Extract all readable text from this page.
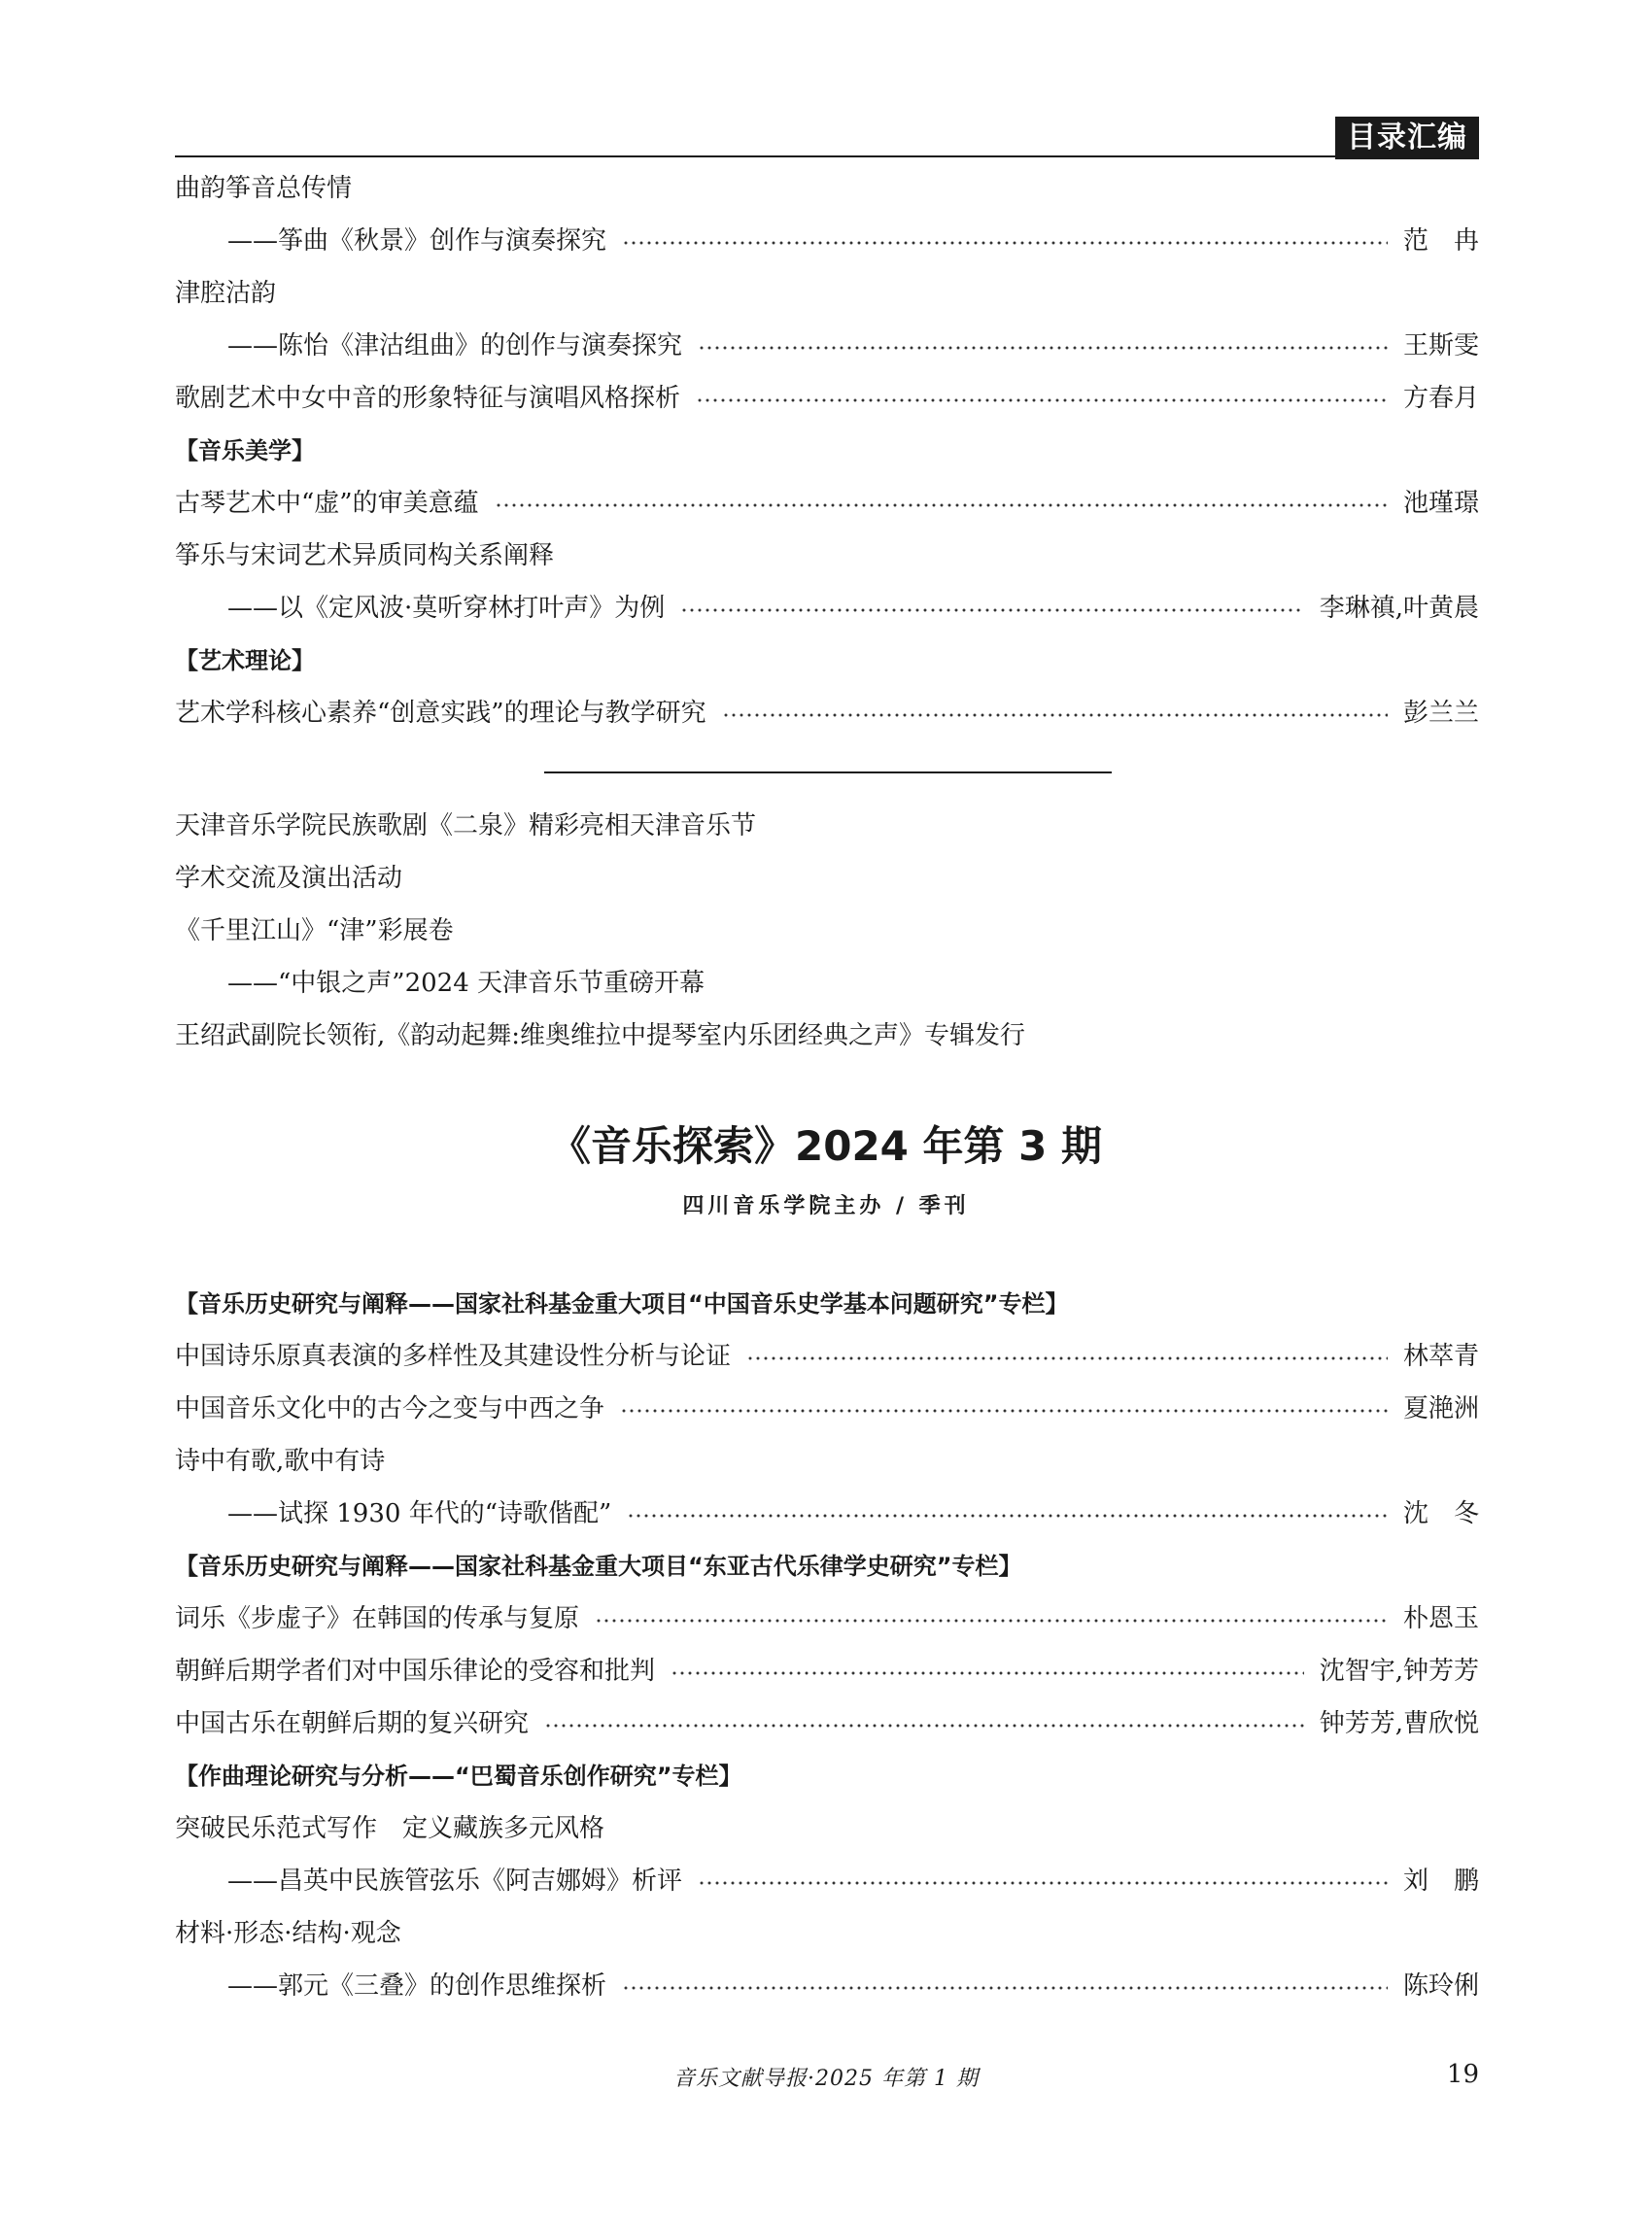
目录汇编
曲韵筝音总传情
——筝曲《秋景》创作与演奏探究	范　冉
津腔沽韵
——陈怡《津沽组曲》的创作与演奏探究	王斯雯
歌剧艺术中女中音的形象特征与演唱风格探析	方春月
【音乐美学】
古琴艺术中“虚”的审美意蕴	池瑾璟
筝乐与宋词艺术异质同构关系阐释
——以《定风波·莫听穿林打叶声》为例	李琳禛,叶黄晨
【艺术理论】
艺术学科核心素养“创意实践”的理论与教学研究	彭兰兰
天津音乐学院民族歌剧《二泉》精彩亮相天津音乐节
学术交流及演出活动
《千里江山》“津”彩展卷
——“中银之声”2024 天津音乐节重磅开幕
王绍武副院长领衔,《韵动起舞:维奥维拉中提琴室内乐团经典之声》专辑发行
【音乐历史研究与阐释——国家社科基金重大项目“中国音乐史学基本问题研究”专栏】
中国诗乐原真表演的多样性及其建设性分析与论证	林萃青
中国音乐文化中的古今之变与中西之争	夏滟洲
诗中有歌,歌中有诗
——试探 1930 年代的“诗歌偕配”	沈　冬
【音乐历史研究与阐释——国家社科基金重大项目“东亚古代乐律学史研究”专栏】
词乐《步虚子》在韩国的传承与复原	朴恩玉
朝鲜后期学者们对中国乐律论的受容和批判	沈智宇,钟芳芳
中国古乐在朝鲜后期的复兴研究	钟芳芳,曹欣悦
【作曲理论研究与分析——“巴蜀音乐创作研究”专栏】
突破民乐范式写作　定义藏族多元风格
——昌英中民族管弦乐《阿吉娜姆》析评	刘　鹏
材料·形态·结构·观念
——郭元《三叠》的创作思维探析	陈玲俐
《音乐探索》2024 年第 3 期
四川音乐学院主办 / 季刊
音乐文献导报·2025 年第 1 期	19
